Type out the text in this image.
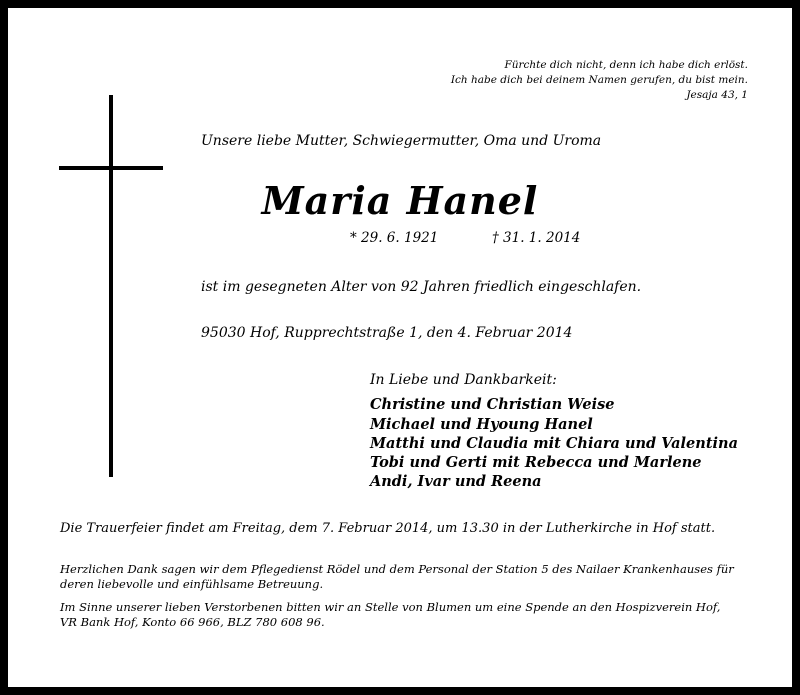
Fürchte dich nicht, denn ich habe dich erlöst.
Ich habe dich bei deinem Namen gerufen, du bist mein.
Jesaja 43, 1
Unsere liebe Mutter, Schwiegermutter, Oma und Uroma
Maria Hanel
* 29. 6. 1921	† 31. 1. 2014
ist im gesegneten Alter von 92 Jahren friedlich eingeschlafen.
95030 Hof, Rupprechtstraße 1, den 4. Februar 2014
In Liebe und Dankbarkeit:
Christine und Christian Weise
Michael und Hyoung Hanel
Matthi und Claudia mit Chiara und Valentina
Tobi und Gerti mit Rebecca und Marlene
Andi, Ivar und Reena
Die Trauerfeier findet am Freitag, dem 7. Februar 2014, um 13.30 in der Lutherkirche in Hof statt.
Herzlichen Dank sagen wir dem Pflegedienst Rödel und dem Personal der Station 5 des Nailaer Krankenhauses für deren liebevolle und einfühlsame Betreuung.
Im Sinne unserer lieben Verstorbenen bitten wir an Stelle von Blumen um eine Spende an den Hospizverein Hof, VR Bank Hof, Konto 66 966, BLZ 780 608 96.
